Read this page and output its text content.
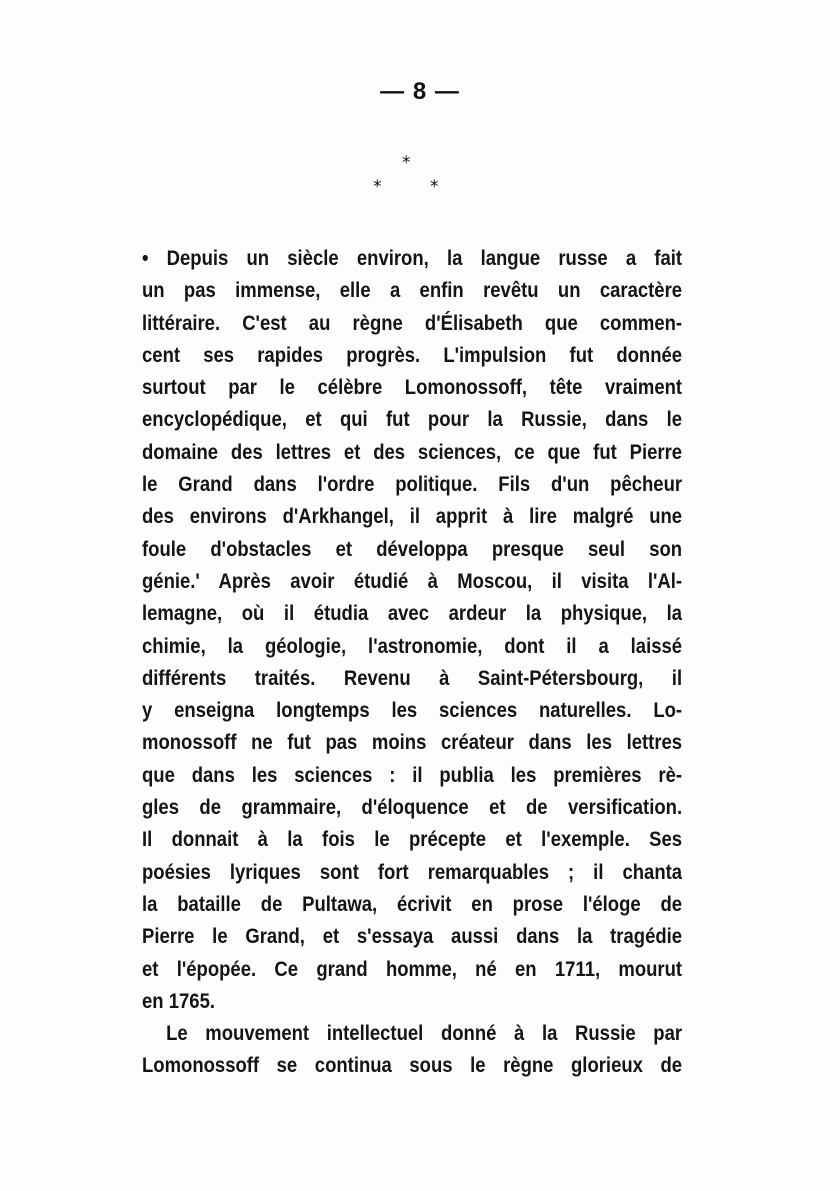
— 8 —
*
*	*
• Depuis un siècle environ, la langue russe a fait
un pas immense, elle a enfin revêtu un caractère
littéraire. C'est au règne d'Élisabeth que commen-
cent ses rapides progrès. L'impulsion fut donnée
surtout par le célèbre Lomonossoff, tête vraiment
encyclopédique, et qui fut pour la Russie, dans le
domaine des lettres et des sciences, ce que fut Pierre
le Grand dans l'ordre politique. Fils d'un pêcheur
des environs d'Arkhangel, il apprit à lire malgré une
foule d'obstacles et développa presque seul son
génie.' Après avoir étudié à Moscou, il visita l'Al-
lemagne, où il étudia avec ardeur la physique, la
chimie, la géologie, l'astronomie, dont il a laissé
différents traités. Revenu à Saint-Pétersbourg, il
y enseigna longtemps les sciences naturelles. Lo-
monossoff ne fut pas moins créateur dans les lettres
que dans les sciences : il publia les premières rè-
gles de grammaire, d'éloquence et de versification.
Il donnait à la fois le précepte et l'exemple. Ses
poésies lyriques sont fort remarquables ; il chanta
la bataille de Pultawa, écrivit en prose l'éloge de
Pierre le Grand, et s'essaya aussi dans la tragédie
et l'épopée. Ce grand homme, né en 1711, mourut
en 1765.
Le mouvement intellectuel donné à la Russie par
Lomonossoff se continua sous le règne glorieux de
